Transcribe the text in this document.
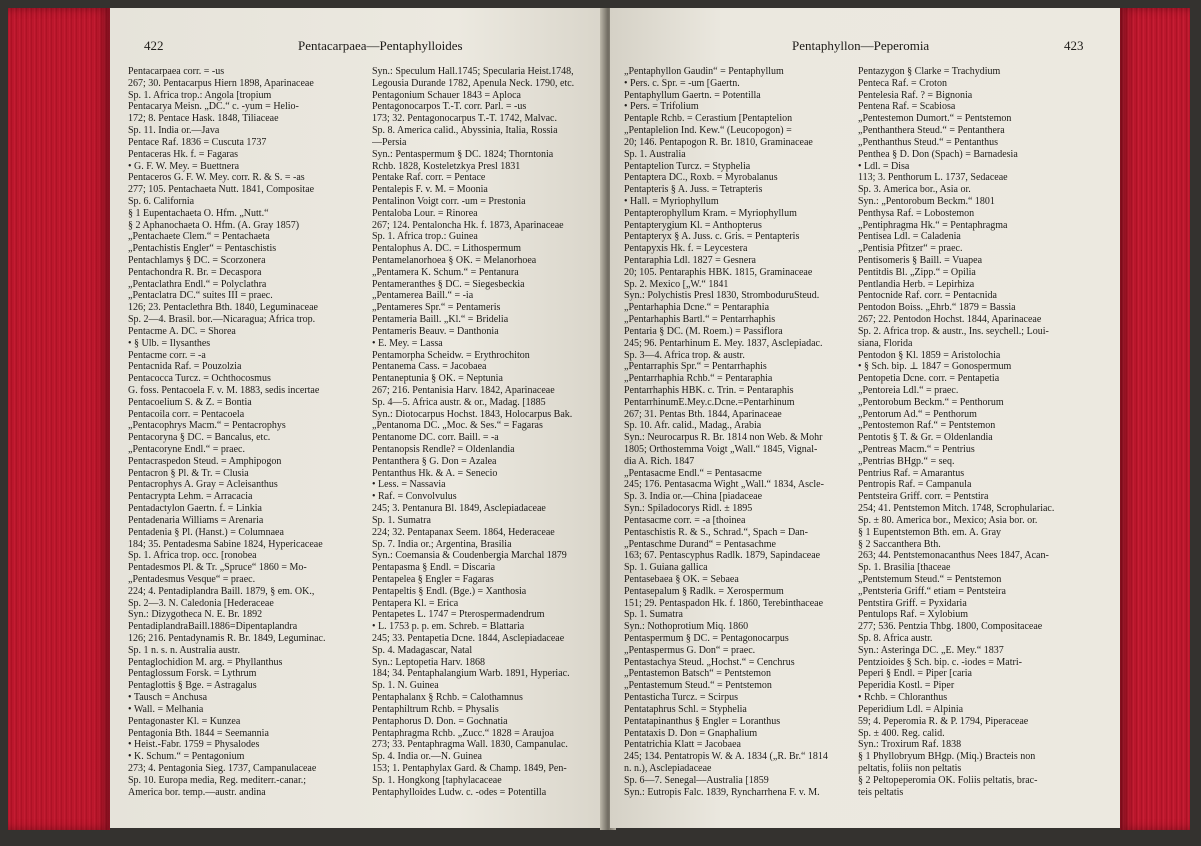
422	Pentacarpaea—Pentaphylloides
Pentacarpaea corr. = -us
267; 30. Pentacarpus Hiern 1898, Aparinaceae
Sp. 1. Africa trop.: Angola [tropium
Pentacarya Meisn. „DC.“ c. -yum = Helio-
172; 8. Pentace Hask. 1848, Tiliaceae
Sp. 11. India or.—Java
Pentace Raf. 1836 = Cuscuta 1737
Pentaceras Hk. f. = Fagaras
• G. F. W. Mey. = Buettnera
Pentaceros G. F. W. Mey. corr. R. & S. = -as
277; 105. Pentachaeta Nutt. 1841, Compositae
Sp. 6. California
§ 1 Eupentachaeta O. Hfm. „Nutt.“
§ 2 Aphanochaeta O. Hfm. (A. Gray 1857)
„Pentachaete Clem.“ = Pentachaeta
„Pentachistis Engler“ = Pentaschistis
Pentachlamys § DC. = Scorzonera
Pentachondra R. Br. = Decaspora
„Pentaclathra Endl.“ = Polyclathra
„Pentaclatra DC.“ suites III = praec.
126; 23. Pentaclethra Bth. 1840, Leguminaceae
Sp. 2—4. Brasil. bor.—Nicaragua; Africa trop.
Pentacme A. DC. = Shorea
• § Ulb. = Ilysanthes
Pentacme corr. = -a
Pentacnida Raf. = Pouzolzia
Pentacocca Turcz. = Ochthocosmus
G. foss. Pentacoela F. v. M. 1883, sedis incertae
Pentacoelium S. & Z. = Bontia
Pentacoila corr. = Pentacoela
„Pentacophrys Macm.“ = Pentacrophys
Pentacoryna § DC. = Bancalus, etc.
„Pentacoryne Endl.“ = praec.
Pentacraspedon Steud. = Amphipogon
Pentacron § Pl. & Tr. = Clusia
Pentacrophys A. Gray = Acleisanthus
Pentacrypta Lehm. = Arracacia
Pentadactylon Gaertn. f. = Linkia
Pentadenaria Williams = Arenaria
Pentadenia § Pl. (Hanst.) = Columnaea
184; 35. Pentadesma Sabine 1824, Hypericaceae
Sp. 1. Africa trop. occ. [ronobea
Pentadesmos Pl. & Tr. „Spruce“ 1860 = Mo-
„Pentadesmus Vesque“ = praec.
224; 4. Pentadiplandra Baill. 1879, § em. OK.,
Sp. 2—3. N. Caledonia [Hederaceae
Syn.: Dizygotheca N. E. Br. 1892
PentadiplandraBaill.1886=Dipentaplandra
126; 216. Pentadynamis R. Br. 1849, Leguminac.
Sp. 1 n. s. n. Australia austr.
Pentaglochidion M. arg. = Phyllanthus
Pentaglossum Forsk. = Lythrum
Pentaglottis § Bge. = Astragalus
• Tausch = Anchusa
• Wall. = Melhania
Pentagonaster Kl. = Kunzea
Pentagonia Bth. 1844 = Seemannia
• Heist.-Fabr. 1759 = Physalodes
• K. Schum.“ = Pentagonium
273; 4. Pentagonia Sieg. 1737, Campanulaceae
Sp. 10. Europa media, Reg. mediterr.-canar.;
America bor. temp.—austr. andina
Syn.: Speculum Hall.1745; Specularia Heist.1748,
Legousia Durande 1782, Apenula Neck. 1790, etc.
Pentagonium Schauer 1843 = Aploca
Pentagonocarpos T.-T. corr. Parl. = -us
173; 32. Pentagonocarpus T.-T. 1742, Malvac.
Sp. 8. America calid., Abyssinia, Italia, Rossia
—Persia
Syn.: Pentaspermum § DC. 1824; Thorntonia
Rchb. 1828, Kosteletzkya Presl 1831
Pentake Raf. corr. = Pentace
Pentalepis F. v. M. = Moonia
Pentalinon Voigt corr. -um = Prestonia
Pentaloba Lour. = Rinorea
267; 124. Pentaloncha Hk. f. 1873, Aparinaceae
Sp. 1. Africa trop.: Guinea
Pentalophus A. DC. = Lithospermum
Pentamelanorhoea § OK. = Melanorhoea
„Pentamera K. Schum.“ = Pentanura
Pentameranthes § DC. = Siegesbeckia
„Pentamerea Baill.“ = -ia
„Pentameres Spr.“ = Pentameris
Pentameria Baill. „Kl.“ = Bridelia
Pentameris Beauv. = Danthonia
• E. Mey. = Lassa
Pentamorpha Scheidw. = Erythrochiton
Pentanema Cass. = Jacobaea
Pentaneptunia § OK. = Neptunia
267; 216. Pentanisia Harv. 1842, Aparinaceae
Sp. 4—5. Africa austr. & or., Madag. [1885
Syn.: Diotocarpus Hochst. 1843, Holocarpus Bak.
„Pentanoma DC. „Moc. & Ses.“ = Fagaras
Pentanome DC. corr. Baill. = -a
Pentanopsis Rendle? = Oldenlandia
Pentanthera § G. Don = Azalea
Pentanthus Hk. & A. = Senecio
• Less. = Nassavia
• Raf. = Convolvulus
245; 3. Pentanura Bl. 1849, Asclepiadaceae
Sp. 1. Sumatra
224; 32. Pentapanax Seem. 1864, Hederaceae
Sp. 7. India or.; Argentina, Brasilia
Syn.: Coemansia & Coudenbergia Marchal 1879
Pentapasma § Endl. = Discaria
Pentapelea § Engler = Fagaras
Pentapeltis § Endl. (Bge.) = Xanthosia
Pentapera Kl. = Erica
Pentapetes L. 1747 = Pterospermadendrum
• L. 1753 p. p. em. Schreb. = Blattaria
245; 33. Pentapetia Dcne. 1844, Asclepiadaceae
Sp. 4. Madagascar, Natal
Syn.: Leptopetia Harv. 1868
184; 34. Pentaphalangium Warb. 1891, Hyperiac.
Sp. 1. N. Guinea
Pentaphalanx § Rchb. = Calothamnus
Pentaphiltrum Rchb. = Physalis
Pentaphorus D. Don. = Gochnatia
Pentaphragma Rchb. „Zucc.“ 1828 = Araujoa
273; 33. Pentaphragma Wall. 1830, Campanulac.
Sp. 4. India or.—N. Guinea
153; 1. Pentaphylax Gard. & Champ. 1849, Pen-
Sp. 1. Hongkong [taphylacaceae
Pentaphylloides Ludw. c. -odes = Potentilla
Pentaphyllon—Peperomia	423
„Pentaphyllon Gaudin“ = Pentaphyllum
• Pers. c. Spr. = -um [Gaertn.
Pentaphyllum Gaertn. = Potentilla
• Pers. = Trifolium
Pentaple Rchb. = Cerastium [Pentaptelion
„Pentaplelion Ind. Kew.“ (Leucopogon) =
20; 146. Pentapogon R. Br. 1810, Graminaceae
Sp. 1. Australia
Pentaptelion Turcz. = Styphelia
Pentaptera DC., Roxb. = Myrobalanus
Pentapteris § A. Juss. = Tetrapteris
• Hall. = Myriophyllum
Pentapterophyllum Kram. = Myriophyllum
Pentapterygium Kl. = Anthopterus
Pentapteryx § A. Juss. c. Gris. = Pentapteris
Pentapyxis Hk. f. = Leycestera
Pentaraphia Ldl. 1827 = Gesnera
20; 105. Pentaraphis HBK. 1815, Graminaceae
Sp. 2. Mexico [„W.“ 1841
Syn.: Polychistis Presl 1830, StromboduruSteud.
„Pentarhaphia Dcne.“ = Pentaraphia
„Pentarhaphis Bartl.“ = Pentarrhaphis
Pentaria § DC. (M. Roem.) = Passiflora
245; 96. Pentarhinum E. Mey. 1837, Asclepiadac.
Sp. 3—4. Africa trop. & austr.
„Pentarraphis Spr.“ = Pentarrhaphis
„Pentarrhaphia Rchb.“ = Pentaraphia
Pentarrhaphis HBK. c. Trin. = Pentaraphis
PentarrhinumE.Mey.c.Dcne.=Pentarhinum
267; 31. Pentas Bth. 1844, Aparinaceae
Sp. 10. Afr. calid., Madag., Arabia
Syn.: Neurocarpus R. Br. 1814 non Web. & Mohr
1805; Orthostemma Voigt „Wall.“ 1845, Vignal-
dia A. Rich. 1847
„Pentasacme Endl.“ = Pentasacme
245; 176. Pentasacma Wight „Wall.“ 1834, Ascle-
Sp. 3. India or.—China [piadaceae
Syn.: Spiladocorys Ridl. ± 1895
Pentasacme corr. = -a [thoinea
Pentaschistis R. & S., Schrad.“, Spach = Dan-
„Pentaschme Durand“ = Pentasachme
163; 67. Pentascyphus Radlk. 1879, Sapindaceae
Sp. 1. Guiana gallica
Pentasebaea § OK. = Sebaea
Pentasepalum § Radlk. = Xerospermum
151; 29. Pentaspadon Hk. f. 1860, Terebinthaceae
Sp. 1. Sumatra
Syn.: Nothoprotium Miq. 1860
Pentaspermum § DC. = Pentagonocarpus
„Pentaspermus G. Don“ = praec.
Pentastachya Steud. „Hochst.“ = Cenchrus
„Pentastemon Batsch“ = Pentstemon
„Pentastemum Steud.“ = Pentstemon
Pentasticha Turcz. = Scirpus
Pentataphrus Schl. = Styphelia
Pentatapinanthus § Engler = Loranthus
Pentataxis D. Don = Gnaphalium
Pentatrichia Klatt = Jacobaea
245; 134. Pentatropis W. & A. 1834 („R. Br.“ 1814
n. n.), Asclepiadaceae
Sp. 6—7. Senegal—Australia [1859
Syn.: Eutropis Falc. 1839, Ryncharrhena F. v. M.
Pentazygon § Clarke = Trachydium
Penteca Raf. = Croton
Pentelesia Raf. ? = Bignonia
Pentena Raf. = Scabiosa
„Pentestemon Dumort.“ = Pentstemon
„Penthanthera Steud.“ = Pentanthera
„Penthanthus Steud.“ = Pentanthus
Penthea § D. Don (Spach) = Barnadesia
• Ldl. = Disa
113; 3. Penthorum L. 1737, Sedaceae
Sp. 3. America bor., Asia or.
Syn.: „Pentorobum Beckm.“ 1801
Penthysa Raf. = Lobostemon
„Pentiphragma Hk.“ = Pentaphragma
Pentisea Ldl. = Caladenia
„Pentisia Pfitzer“ = praec.
Pentisomeris § Baill. = Vuapea
Pentitdis Bl. „Zipp.“ = Opilia
Pentlandia Herb. = Lepirhiza
Pentocnide Raf. corr. = Pentacnida
Pentodon Boiss. „Ehrb.“ 1879 = Bassia
267; 22. Pentodon Hochst. 1844, Aparinaceae
Sp. 2. Africa trop. & austr., Ins. seychell.; Loui-
siana, Florida
Pentodon § Kl. 1859 = Aristolochia
• § Sch. bip. ⊥ 1847 = Gonospermum
Pentopetia Dcne. corr. = Pentapetia
„Pentoreia Ldl.“ = praec.
„Pentorobum Beckm.“ = Penthorum
„Pentorum Ad.“ = Penthorum
„Pentostemon Raf.“ = Pentstemon
Pentotis § T. & Gr. = Oldenlandia
„Pentreas Macm.“ = Pentrius
„Pentrias BHgp.“ = seq.
Pentrius Raf. = Amarantus
Pentropis Raf. = Campanula
Pentsteira Griff. corr. = Pentstira
254; 41. Pentstemon Mitch. 1748, Scrophulariac.
Sp. ± 80. America bor., Mexico; Asia bor. or.
§ 1 Eupentstemon Bth. em. A. Gray
§ 2 Saccanthera Bth.
263; 44. Pentstemonacanthus Nees 1847, Acan-
Sp. 1. Brasilia [thaceae
„Pentstemum Steud.“ = Pentstemon
„Pentsteria Griff.“ etiam = Pentsteira
Pentstira Griff. = Pyxidaria
Pentulops Raf. = Xylobium
277; 536. Pentzia Thbg. 1800, Compositaceae
Sp. 8. Africa austr.
Syn.: Asteringa DC. „E. Mey.“ 1837
Pentzioides § Sch. bip. c. -iodes = Matri-
Peperi § Endl. = Piper [caria
Peperidia Kostl. = Piper
• Rchb. = Chloranthus
Peperidium Ldl. = Alpinia
59; 4. Peperomia R. & P. 1794, Piperaceae
Sp. ± 400. Reg. calid.
Syn.: Troxirum Raf. 1838
§ 1 Phyllobryum BHgp. (Miq.) Bracteis non
peltatis, foliis non peltatis
§ 2 Peltopeperomia OK. Foliis peltatis, brac-
teis peltatis
